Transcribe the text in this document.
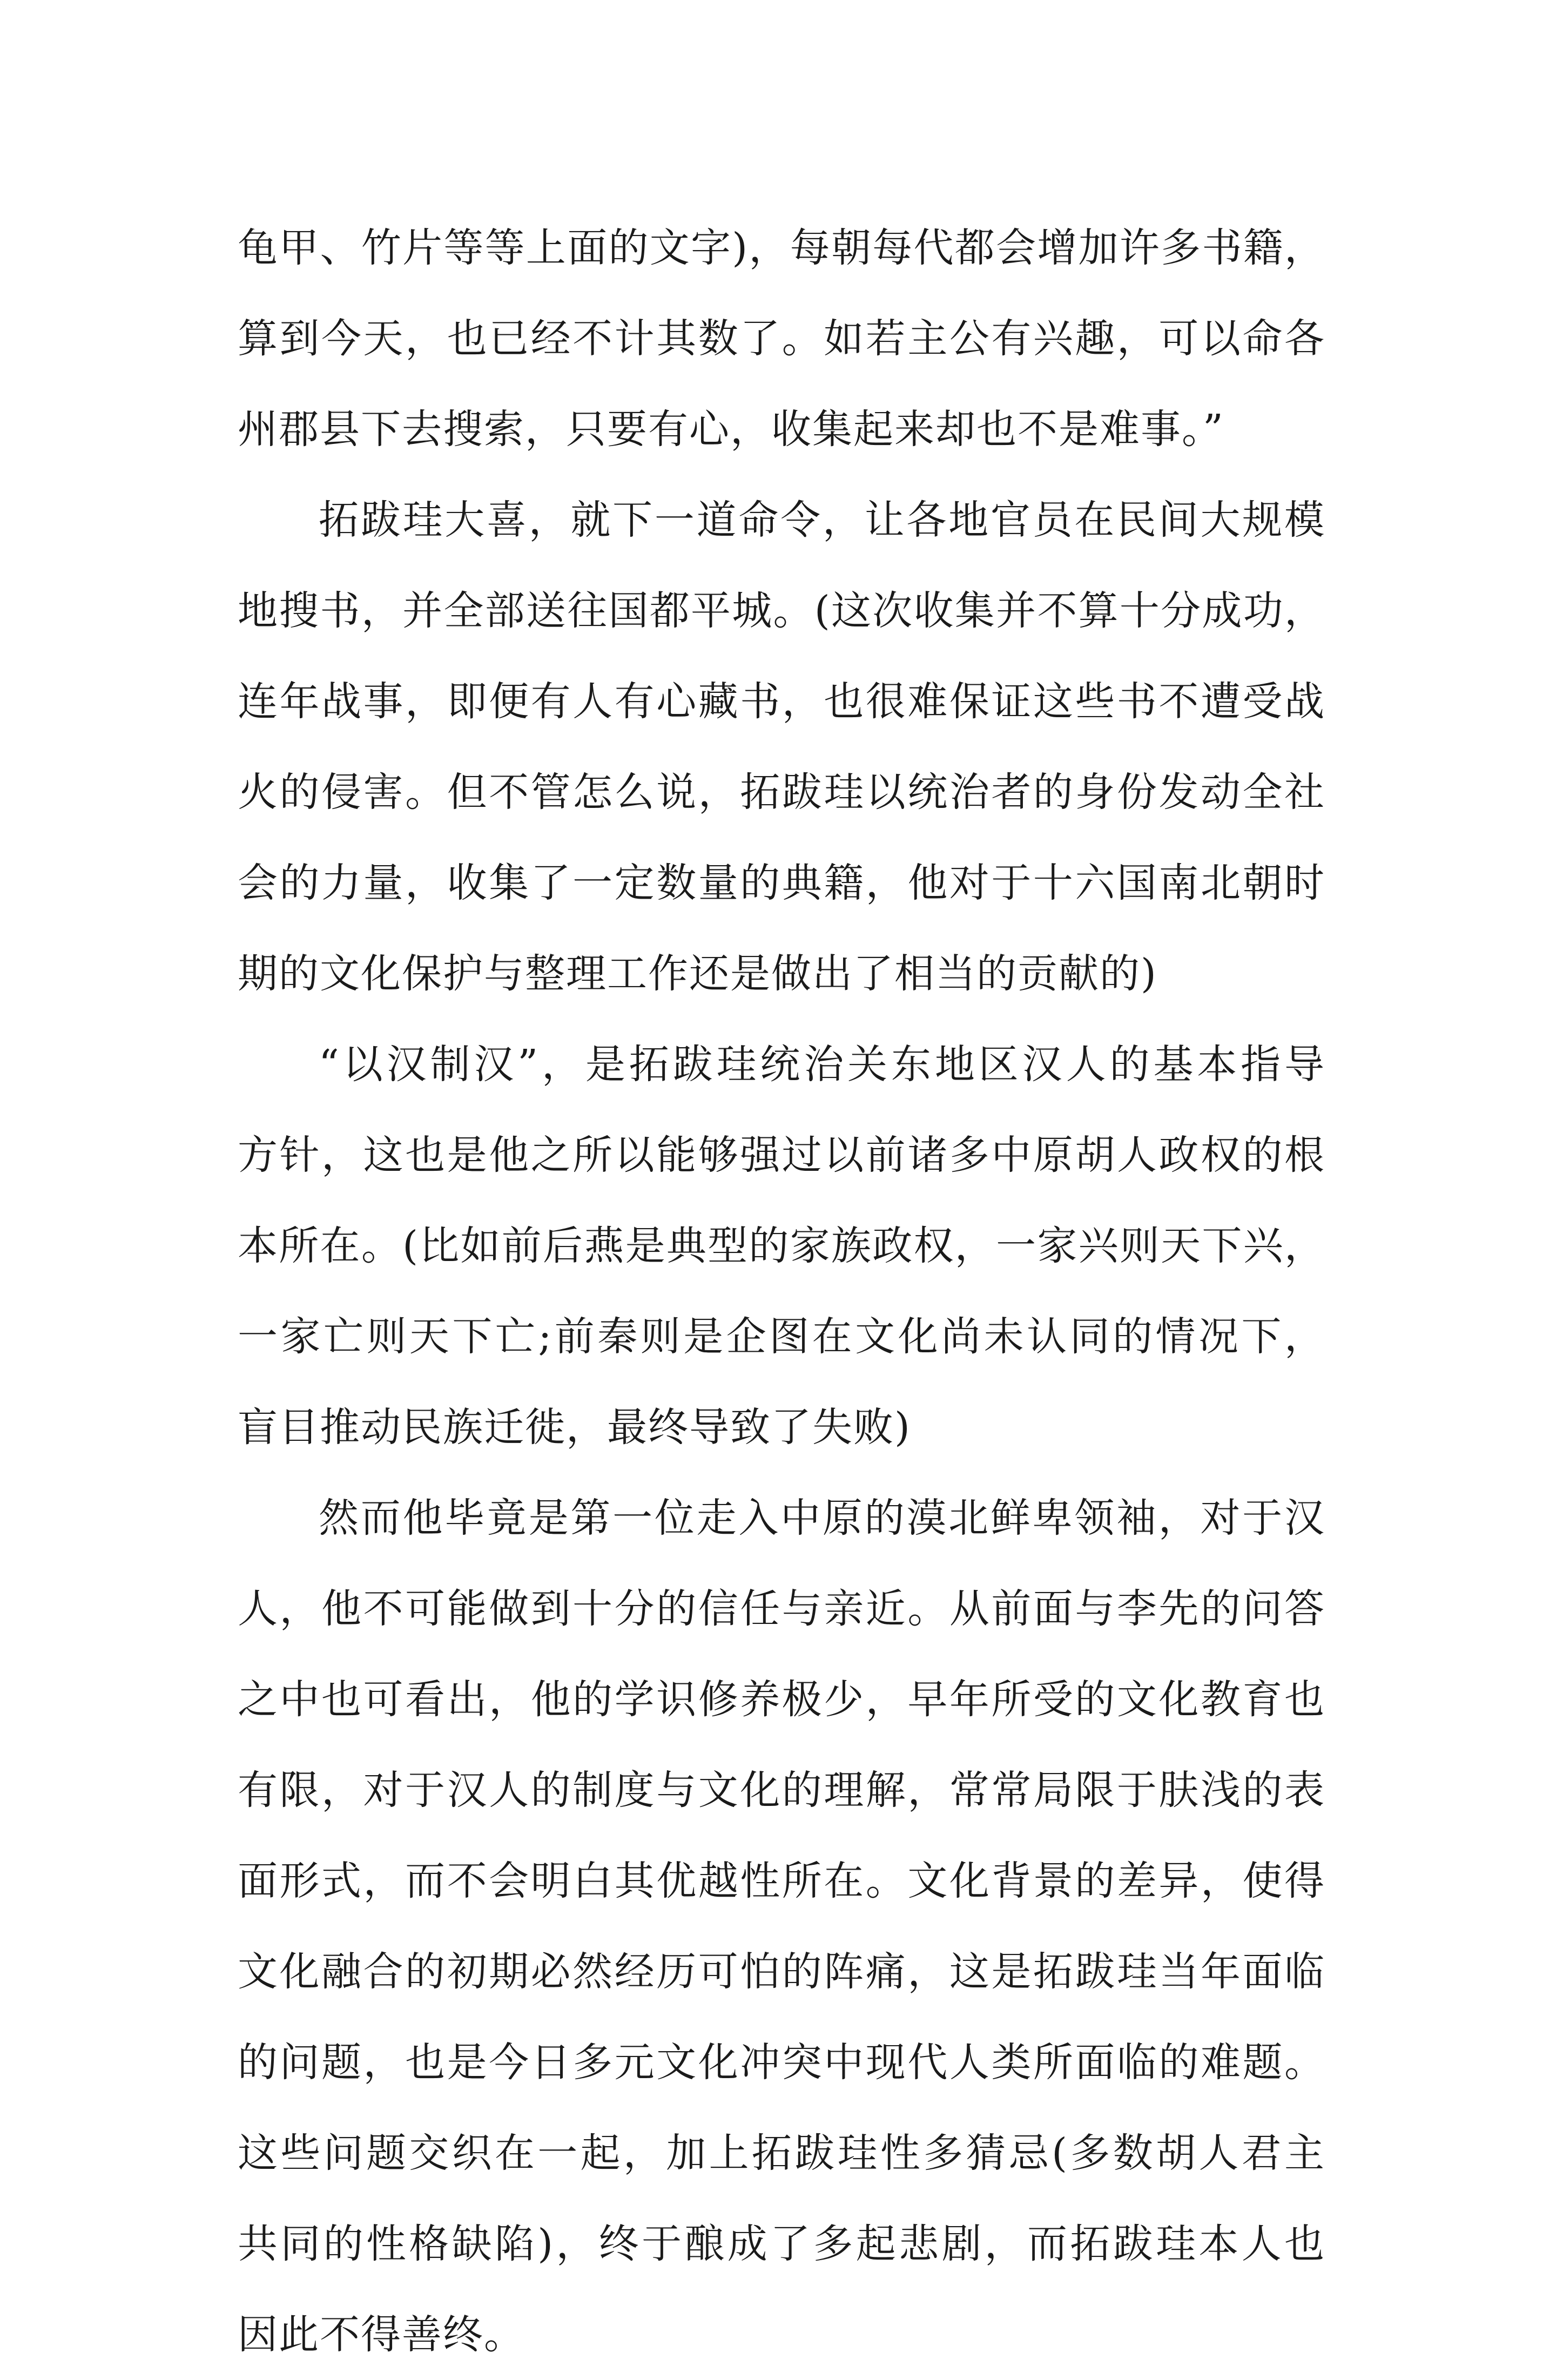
龟甲、竹片等等上面的文字)，每朝每代都会增加许多书籍，
算到今天，也已经不计其数了。如若主公有兴趣，可以命各
州郡县下去搜索，只要有心，收集起来却也不是难事。”
拓跋珪大喜，就下一道命令，让各地官员在民间大规模
地搜书，并全部送往国都平城。(这次收集并不算十分成功，
连年战事，即便有人有心藏书，也很难保证这些书不遭受战
火的侵害。但不管怎么说，拓跋珪以统治者的身份发动全社
会的力量，收集了一定数量的典籍，他对于十六国南北朝时
期的文化保护与整理工作还是做出了相当的贡献的)
“以汉制汉”，是拓跋珪统治关东地区汉人的基本指导
方针，这也是他之所以能够强过以前诸多中原胡人政权的根
本所在。(比如前后燕是典型的家族政权，一家兴则天下兴，
一家亡则天下亡;前秦则是企图在文化尚未认同的情况下，
盲目推动民族迁徙，最终导致了失败)
然而他毕竟是第一位走入中原的漠北鲜卑领袖，对于汉
人，他不可能做到十分的信任与亲近。从前面与李先的问答
之中也可看出，他的学识修养极少，早年所受的文化教育也
有限，对于汉人的制度与文化的理解，常常局限于肤浅的表
面形式，而不会明白其优越性所在。文化背景的差异，使得
文化融合的初期必然经历可怕的阵痛，这是拓跋珪当年面临
的问题，也是今日多元文化冲突中现代人类所面临的难题。
这些问题交织在一起，加上拓跋珪性多猜忌(多数胡人君主
共同的性格缺陷)，终于酿成了多起悲剧，而拓跋珪本人也
因此不得善终。
